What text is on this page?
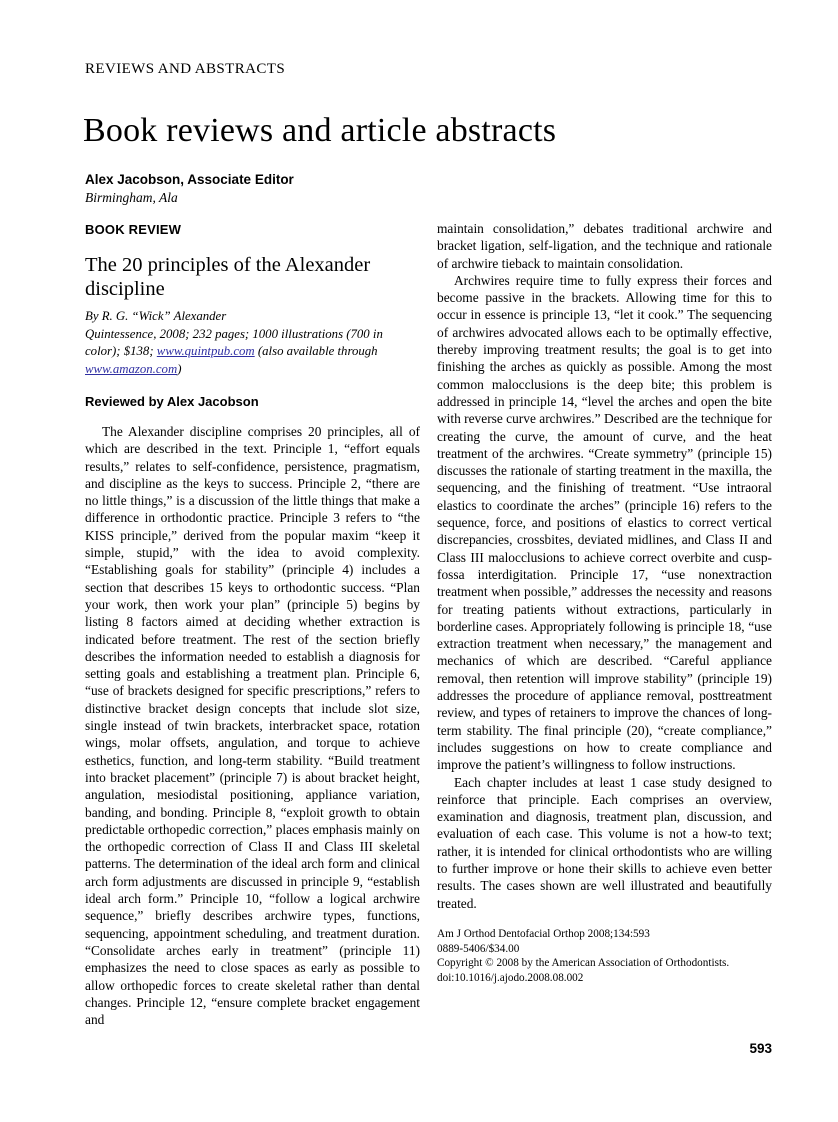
REVIEWS AND ABSTRACTS
Book reviews and article abstracts
Alex Jacobson, Associate Editor
Birmingham, Ala
BOOK REVIEW
The 20 principles of the Alexander discipline
By R. G. “Wick” Alexander
Quintessence, 2008; 232 pages; 1000 illustrations (700 in color); $138; www.quintpub.com (also available through www.amazon.com)
Reviewed by Alex Jacobson

The Alexander discipline comprises 20 principles, all of which are described in the text. Principle 1, “effort equals results,” relates to self-confidence, persistence, pragmatism, and discipline as the keys to success. Principle 2, “there are no little things,” is a discussion of the little things that make a difference in orthodontic practice. Principle 3 refers to “the KISS principle,” derived from the popular maxim “keep it simple, stupid,” with the idea to avoid complexity. “Establishing goals for stability” (principle 4) includes a section that describes 15 keys to orthodontic success. “Plan your work, then work your plan” (principle 5) begins by listing 8 factors aimed at deciding whether extraction is indicated before treatment. The rest of the section briefly describes the information needed to establish a diagnosis for setting goals and establishing a treatment plan. Principle 6, “use of brackets designed for specific prescriptions,” refers to distinctive bracket design concepts that include slot size, single instead of twin brackets, interbracket space, rotation wings, molar offsets, angulation, and torque to achieve esthetics, function, and long-term stability. “Build treatment into bracket placement” (principle 7) is about bracket height, angulation, mesiodistal positioning, appliance variation, banding, and bonding. Principle 8, “exploit growth to obtain predictable orthopedic correction,” places emphasis mainly on the orthopedic correction of Class II and Class III skeletal patterns. The determination of the ideal arch form and clinical arch form adjustments are discussed in principle 9, “establish ideal arch form.” Principle 10, “follow a logical archwire sequence,” briefly describes archwire types, functions, sequencing, appointment scheduling, and treatment duration. “Consolidate arches early in treatment” (principle 11) emphasizes the need to close spaces as early as possible to allow orthopedic forces to create skeletal rather than dental changes. Principle 12, “ensure complete bracket engagement and

maintain consolidation,” debates traditional archwire and bracket ligation, self-ligation, and the technique and rationale of archwire tieback to maintain consolidation.

Archwires require time to fully express their forces and become passive in the brackets. Allowing time for this to occur in essence is principle 13, “let it cook.” The sequencing of archwires advocated allows each to be optimally effective, thereby improving treatment results; the goal is to get into finishing the arches as quickly as possible. Among the most common malocclusions is the deep bite; this problem is addressed in principle 14, “level the arches and open the bite with reverse curve archwires.” Described are the technique for creating the curve, the amount of curve, and the heat treatment of the archwires. “Create symmetry” (principle 15) discusses the rationale of starting treatment in the maxilla, the sequencing, and the finishing of treatment. “Use intraoral elastics to coordinate the arches” (principle 16) refers to the sequence, force, and positions of elastics to correct vertical discrepancies, crossbites, deviated midlines, and Class II and Class III malocclusions to achieve correct overbite and cusp-fossa interdigitation. Principle 17, “use nonextraction treatment when possible,” addresses the necessity and reasons for treating patients without extractions, particularly in borderline cases. Appropriately following is principle 18, “use extraction treatment when necessary,” the management and mechanics of which are described. “Careful appliance removal, then retention will improve stability” (principle 19) addresses the procedure of appliance removal, posttreatment review, and types of retainers to improve the chances of long-term stability. The final principle (20), “create compliance,” includes suggestions on how to create compliance and improve the patient’s willingness to follow instructions.

Each chapter includes at least 1 case study designed to reinforce that principle. Each comprises an overview, examination and diagnosis, treatment plan, discussion, and evaluation of each case. This volume is not a how-to text; rather, it is intended for clinical orthodontists who are willing to further improve or hone their skills to achieve even better results. The cases shown are well illustrated and beautifully treated.

Am J Orthod Dentofacial Orthop 2008;134:593
0889-5406/$34.00
Copyright © 2008 by the American Association of Orthodontists.
doi:10.1016/j.ajodo.2008.08.002
593
